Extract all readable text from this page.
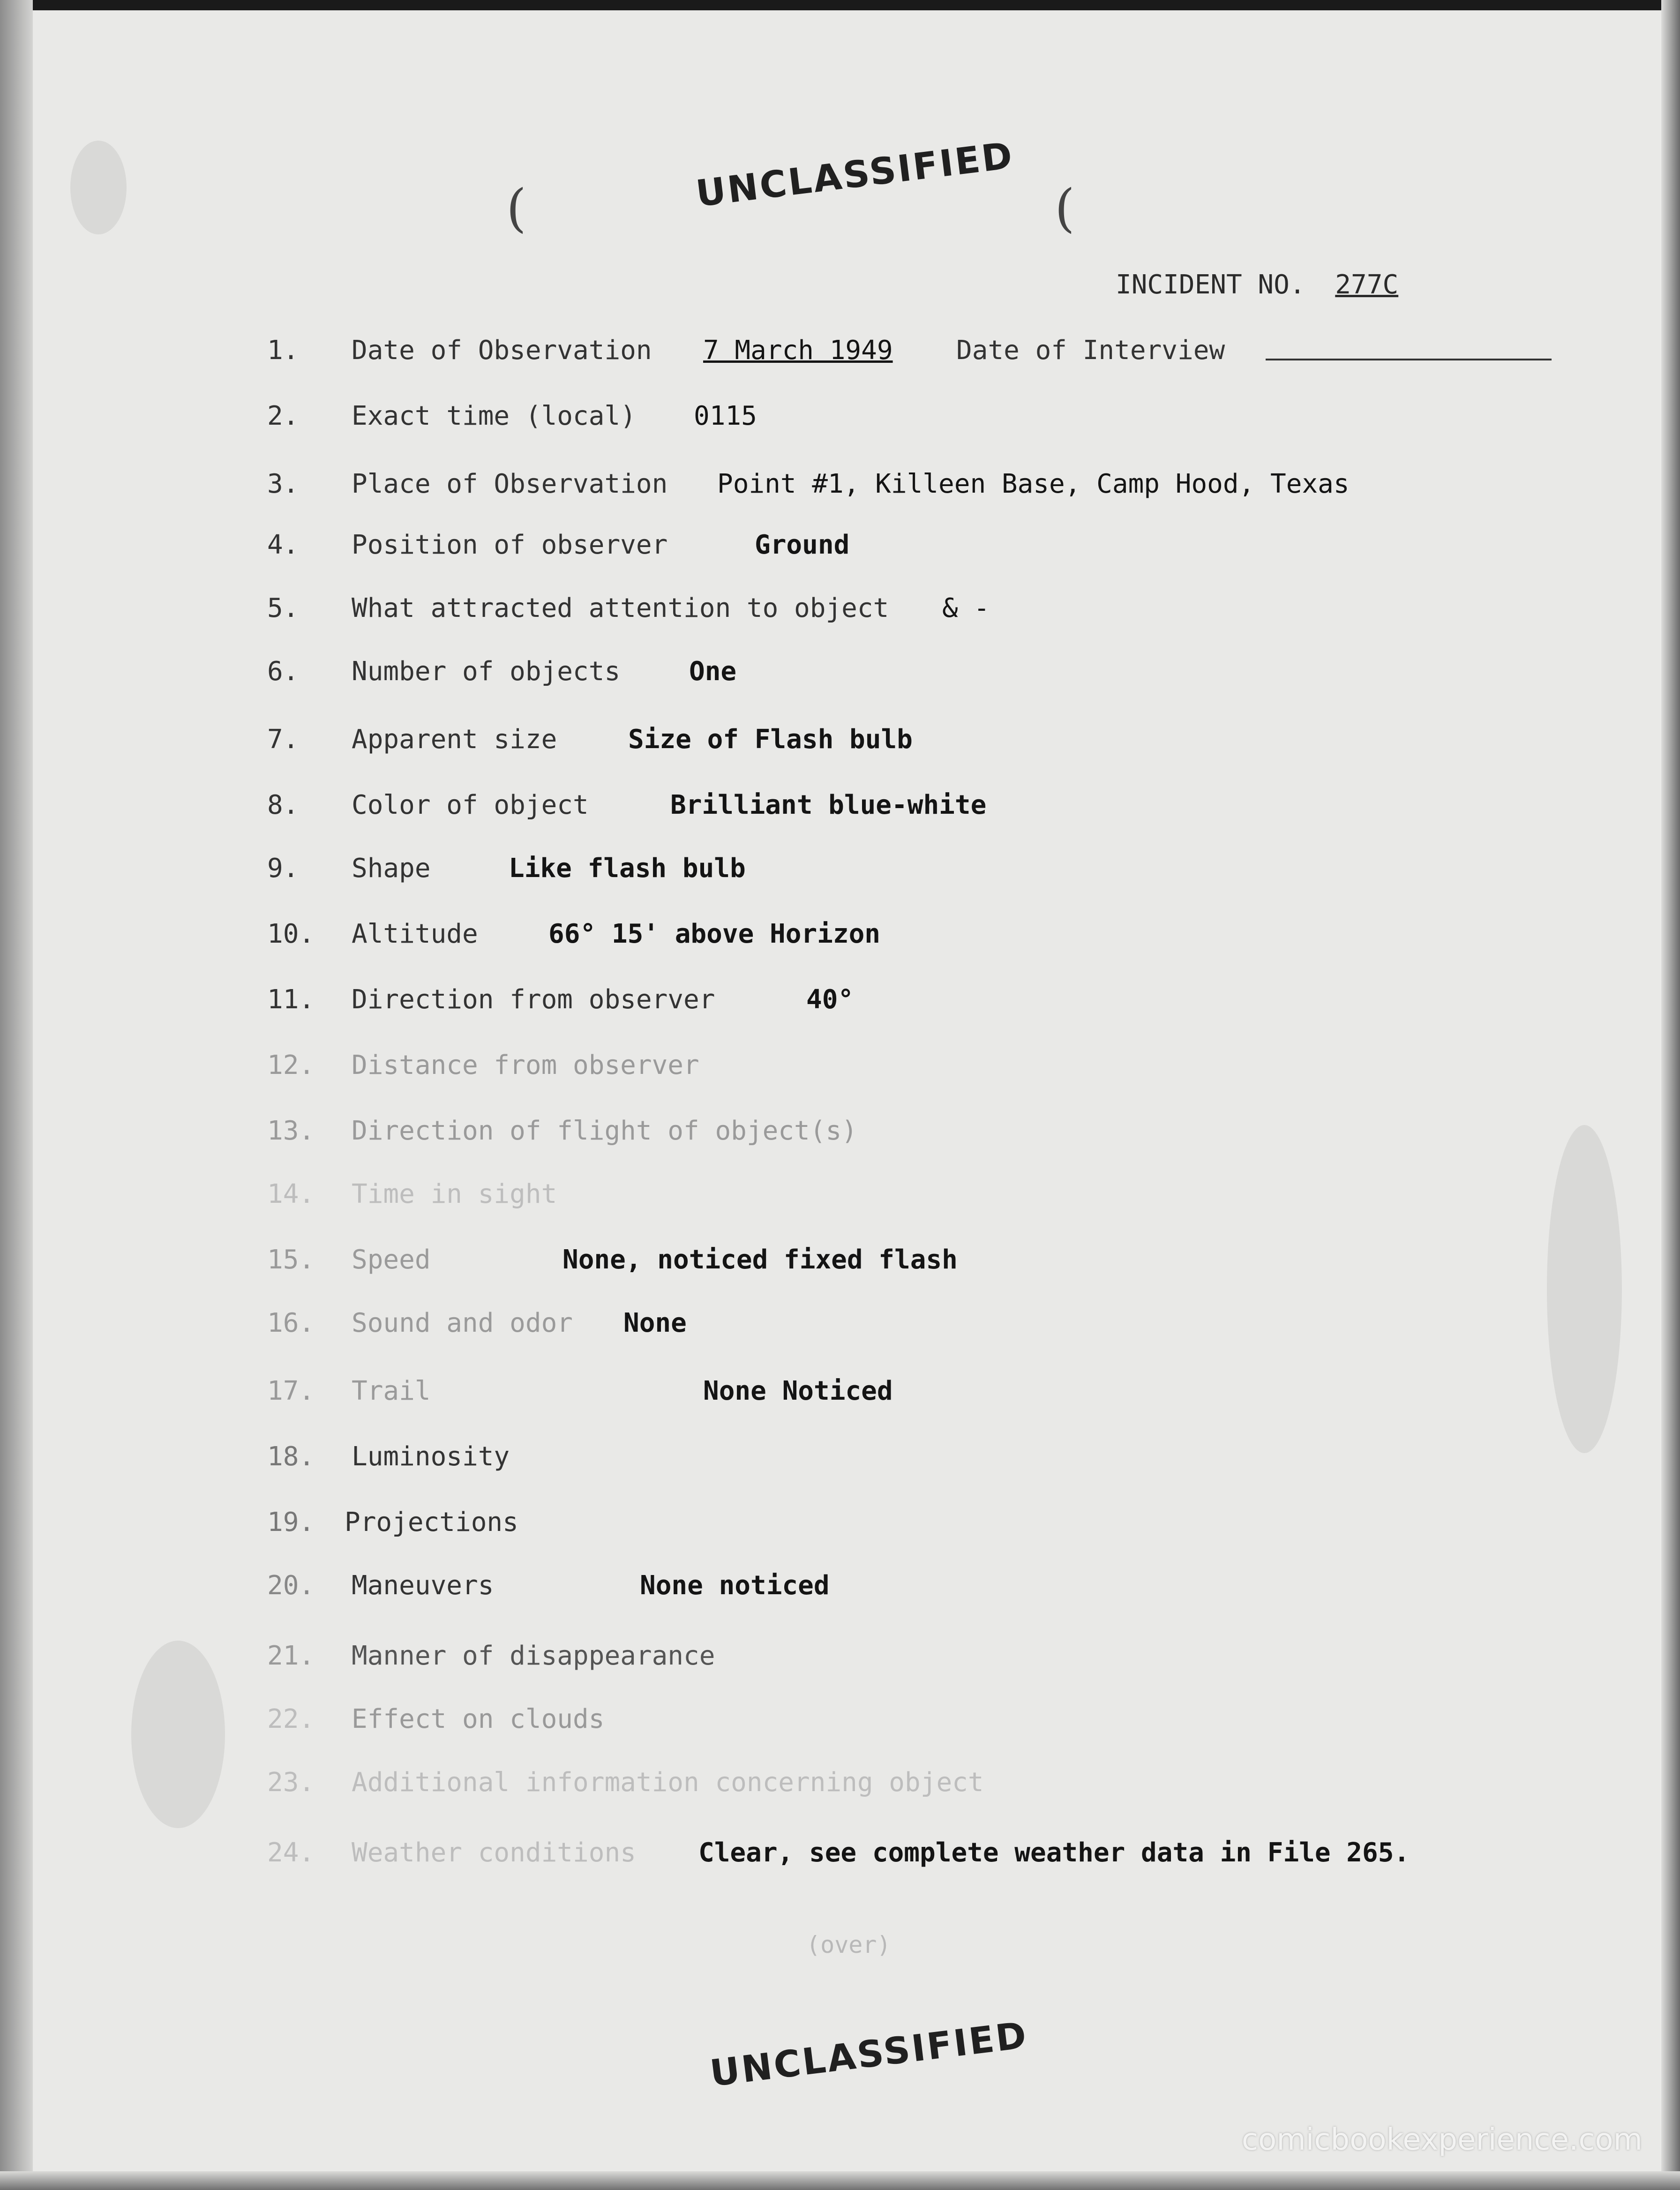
(	(
UNCLASSIFIED
INCIDENT NO. 277C
1.	Date of Observation 7 March 1949 Date of Interview
2.	Exact time (local) 0115
3.	Place of Observation Point #1, Killeen Base, Camp Hood, Texas
4.	Position of observer	Ground
5.	What attracted attention to object & -
6.	Number of objects	One
7.	Apparent size	Size of Flash bulb
8.	Color of object	Brilliant blue-white
9.	Shape	Like flash bulb
10.	Altitude	66° 15' above Horizon
11.	Direction from observer	40°
12.	Distance from observer
13.	Direction of flight of object(s)
14.	Time in sight
15.	Speed	None, noticed fixed flash
16.	Sound and odor None
17.	Trail	None Noticed
18.	Luminosity
19.	Projections
20.	Maneuvers	None noticed
21.	Manner of disappearance
22.	Effect on clouds
23.	Additional information concerning object
24.	Weather conditions Clear, see complete weather data in File 265.
(over)
UNCLASSIFIED
comicbookexperience.com
